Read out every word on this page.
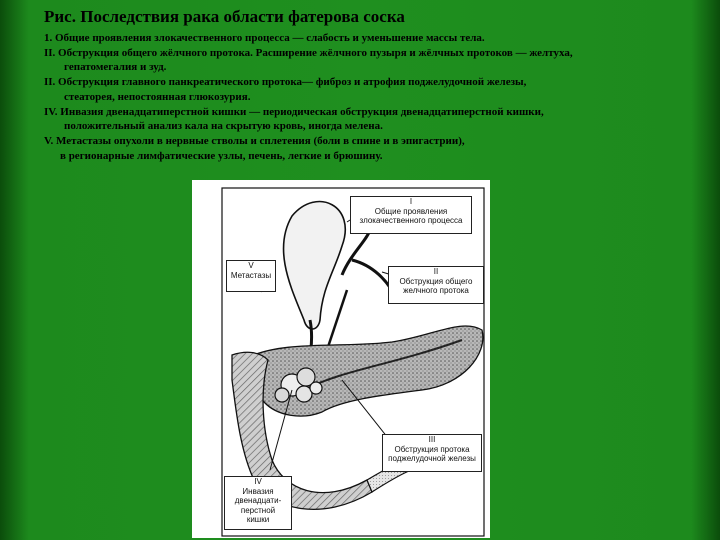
Рис. Последствия рака области фатерова соска
1. Общие проявления злокачественного процесса — слабость и уменьшение массы тела.
II. Обструкция общего жёлчного протока. Расширение жёлчного пузыря и жёлчных протоков — желтуха,
гепатомегалия и зуд.
II. Обструкция главного панкреатического протока— фиброз и атрофия поджелудочной железы,
стеаторея, непостоянная глюкозурия.
IV. Инвазия двенадцатиперстной кишки — периодическая обструкция двенадцатиперстной кишки,
положительный анализ кала на скрытую кровь, иногда мелена.
V. Метастазы опухоли в нервные стволы и сплетения (боли в спине и в эпигастрии),
в регионарные лимфатические узлы, печень, легкие и брюшину.
I
Общие проявления
злокачественного процесса
V
Метастазы	II
Обструкция общего
желчного протока
III
Обструкция протока
поджелудочной железы
IV
Инвазия
двенадцати-
перстной
кишки
